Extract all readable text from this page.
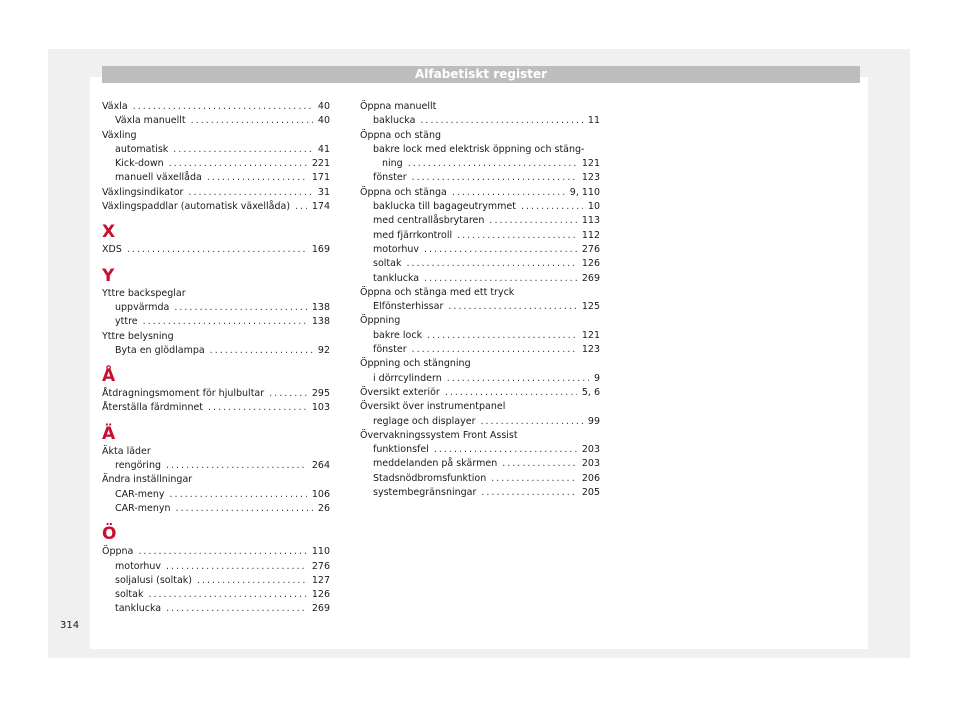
Alfabetiskt register
Växla .....	40
Växla manuellt .....	40
Växling
automatisk .....	41
Kick-down .....	221
manuell växellåda .....	171
Växlingsindikator .....	31
Växlingspaddlar (automatisk växellåda) ..... 174
X
XDS .....	169
Y
Yttre backspeglar
uppvärmda .....	138
yttre .....	138
Yttre belysning
Byta en glödlampa .....	92
Å
Åtdragningsmoment för hjulbultar .....	295
Återställa färdminnet .....	103
Ä
Äkta läder
rengöring .....	264
Ändra inställningar
CAR-meny .....	106
CAR-menyn .....	26
Ö
Öppna .....	110
motorhuv .....	276
soljalusi (soltak) .....	127
soltak .....	126
tanklucka .....	269
Öppna manuellt
baklucka .....	11
Öppna och stäng
bakre lock med elektrisk öppning och stäng-
ning .....	121
fönster .....	123
Öppna och stänga .....	9, 110
baklucka till bagageutrymmet .....	10
med centrallåsbrytaren .....	113
med fjärrkontroll .....	112
motorhuv .....	276
soltak .....	126
tanklucka .....	269
Öppna och stänga med ett tryck
Elfönsterhissar .....	125
Öppning
bakre lock .....	121
fönster .....	123
Öppning och stängning
i dörrcylindern .....	9
Översikt exteriör .....	5, 6
Översikt över instrumentpanel
reglage och displayer .....	99
Övervakningssystem Front Assist
funktionsfel .....	203
meddelanden på skärmen .....	203
Stadsnödbromsfunktion .....	206
systembegränsningar .....	205
314
